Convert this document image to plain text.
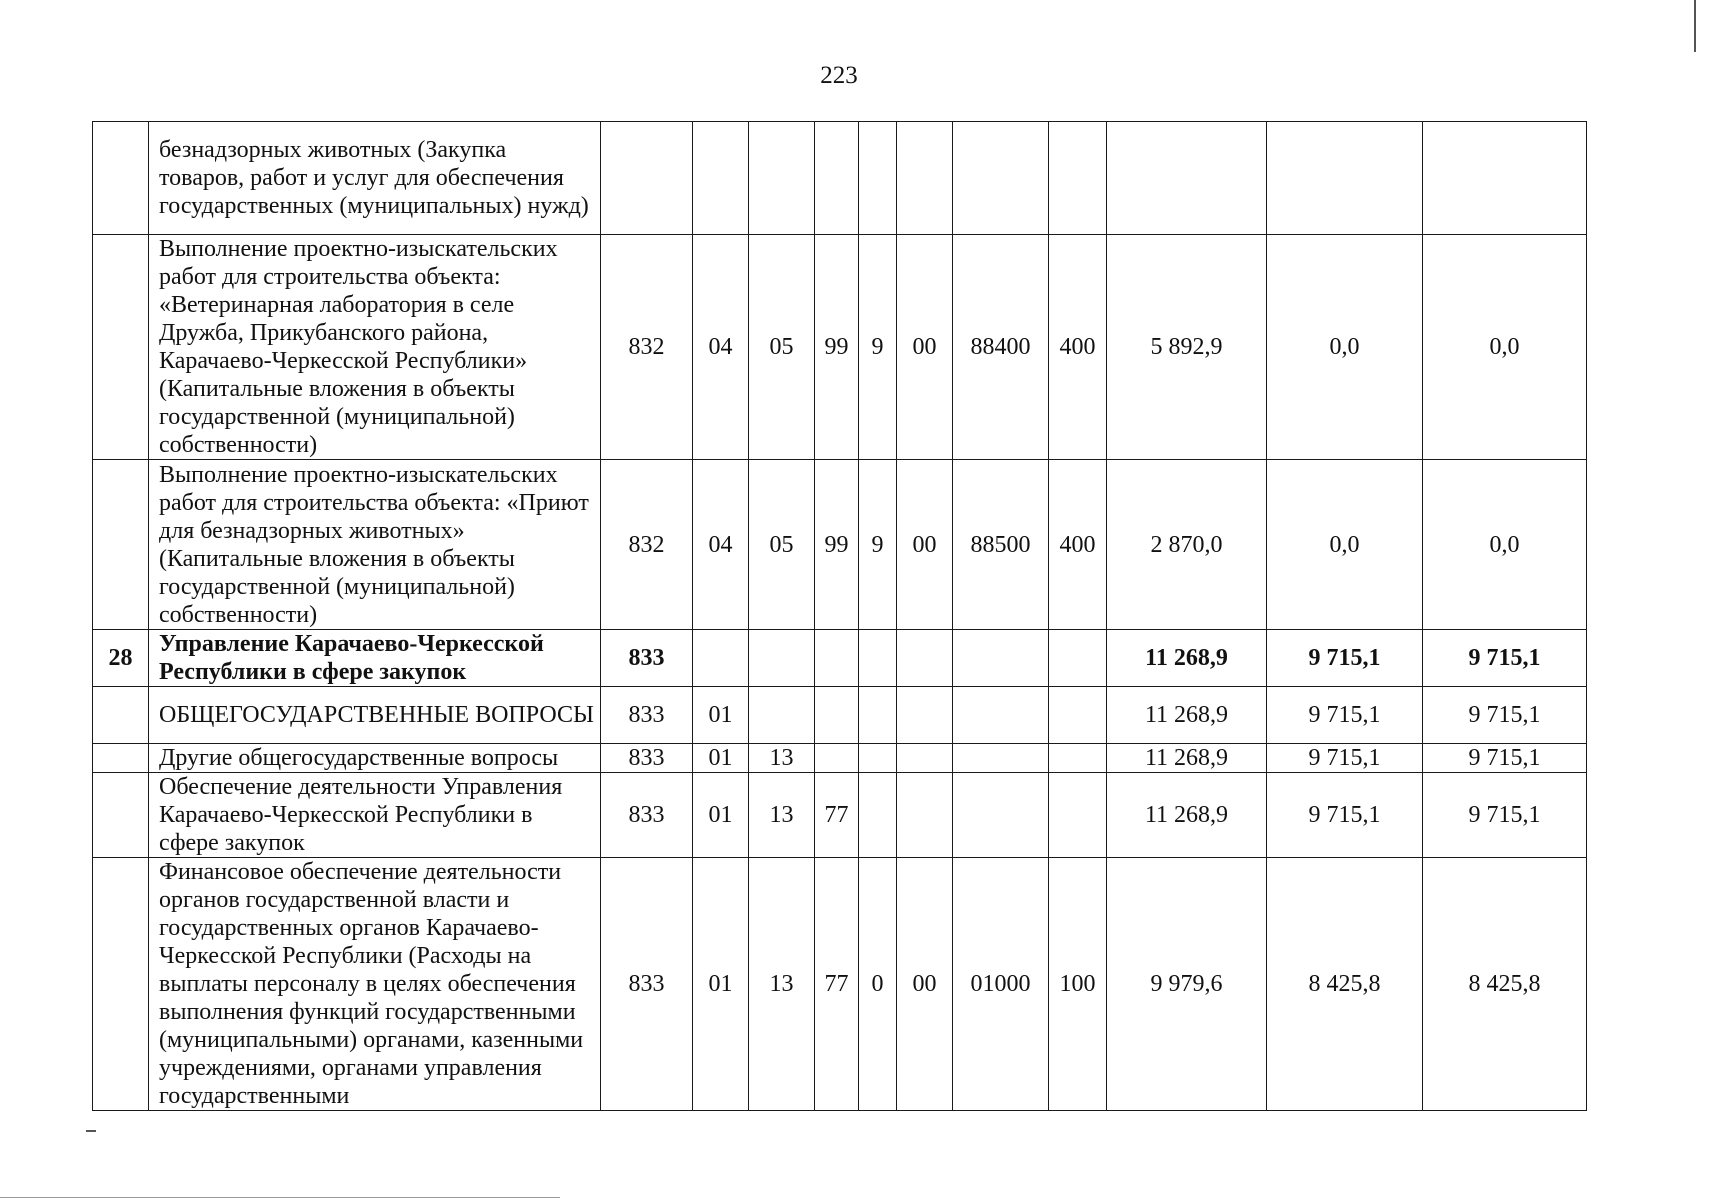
223
	безнадзорных животных (Закупка товаров, работ и услуг для обеспечения государственных (муниципальных) нужд)											
	Выполнение проектно-изыскательских работ для строительства объекта: «Ветеринарная лаборатория в селе Дружба, Прикубанского района, Карачаево-Черкесской Республики» (Капитальные вложения в объекты государственной (муниципальной) собственности)	832	04	05	99	9	00	88400	400	5 892,9	0,0	0,0
	Выполнение проектно-изыскательских работ для строительства объекта: «Приют для безнадзорных животных» (Капитальные вложения в объекты государственной (муниципальной) собственности)	832	04	05	99	9	00	88500	400	2 870,0	0,0	0,0
28	Управление Карачаево-Черкесской Республики в сфере закупок	833								11 268,9	9 715,1	9 715,1
	ОБЩЕГОСУДАРСТВЕННЫЕ ВОПРОСЫ	833	01							11 268,9	9 715,1	9 715,1
	Другие общегосударственные вопросы	833	01	13						11 268,9	9 715,1	9 715,1
	Обеспечение деятельности Управления Карачаево-Черкесской Республики в сфере закупок	833	01	13	77					11 268,9	9 715,1	9 715,1
	Финансовое обеспечение деятельности органов государственной власти и государственных органов Карачаево-Черкесской Республики (Расходы на выплаты персоналу в целях обеспечения выполнения функций государственными (муниципальными) органами, казенными учреждениями, органами управления государственными	833	01	13	77	0	00	01000	100	9 979,6	8 425,8	8 425,8
